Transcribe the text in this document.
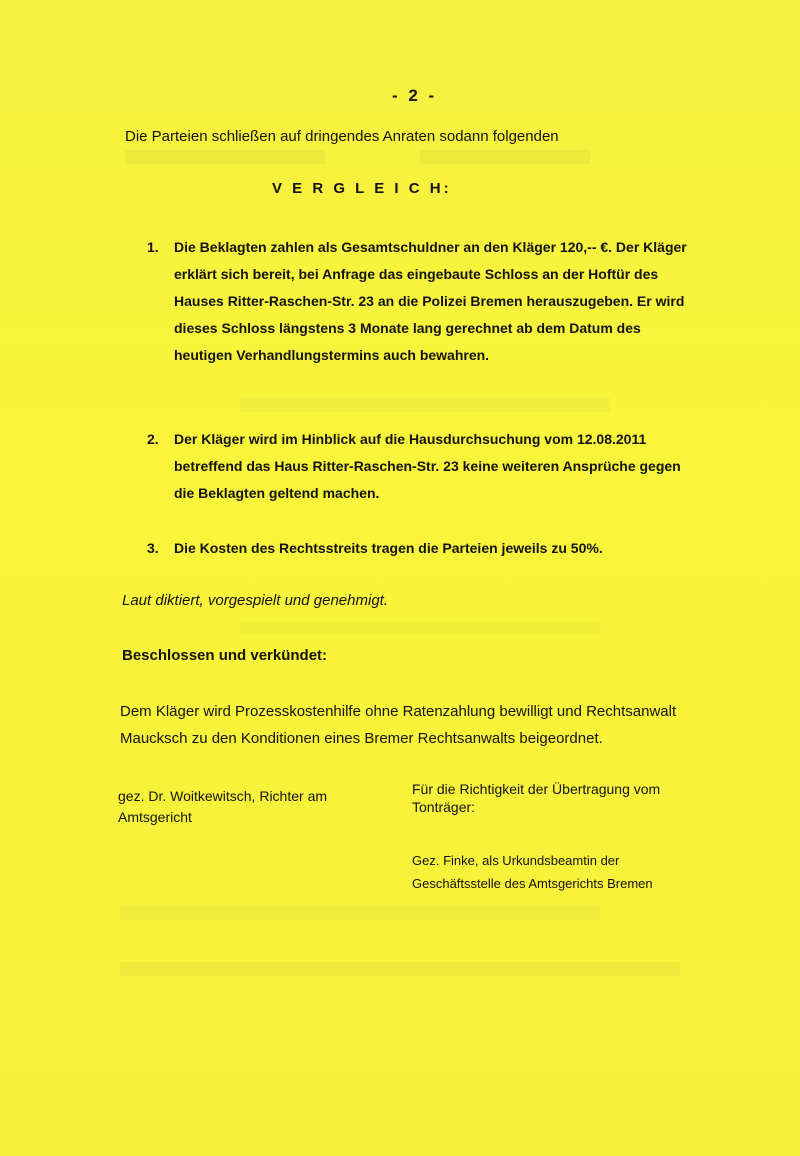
- 2 -
Die Parteien schließen auf dringendes Anraten sodann folgenden
V E R G L E I C H:
1.	Die Beklagten zahlen als Gesamtschuldner an den Kläger 120,-- €. Der Kläger erklärt sich bereit, bei Anfrage das eingebaute Schloss an der Hoftür des Hauses Ritter-Raschen-Str. 23 an die Polizei Bremen herauszugeben. Er wird dieses Schloss längstens 3 Monate lang gerechnet ab dem Datum des heutigen Verhandlungstermins auch bewahren.
2.	Der Kläger wird im Hinblick auf die Hausdurchsuchung vom 12.08.2011 betreffend das Haus Ritter-Raschen-Str. 23 keine weiteren Ansprüche gegen die Beklagten geltend machen.
3.	Die Kosten des Rechtsstreits tragen die Parteien jeweils zu 50%.
Laut diktiert, vorgespielt und genehmigt.
Beschlossen und verkündet:
Dem Kläger wird Prozesskostenhilfe ohne Ratenzahlung bewilligt und Rechtsanwalt Maucksch zu den Konditionen eines Bremer Rechtsanwalts beigeordnet.
gez. Dr. Woitkewitsch, Richter am Amtsgericht
Für die Richtigkeit der Übertragung vom Tonträger:
Gez. Finke, als Urkundsbeamtin der
Geschäftsstelle des Amtsgerichts Bremen
